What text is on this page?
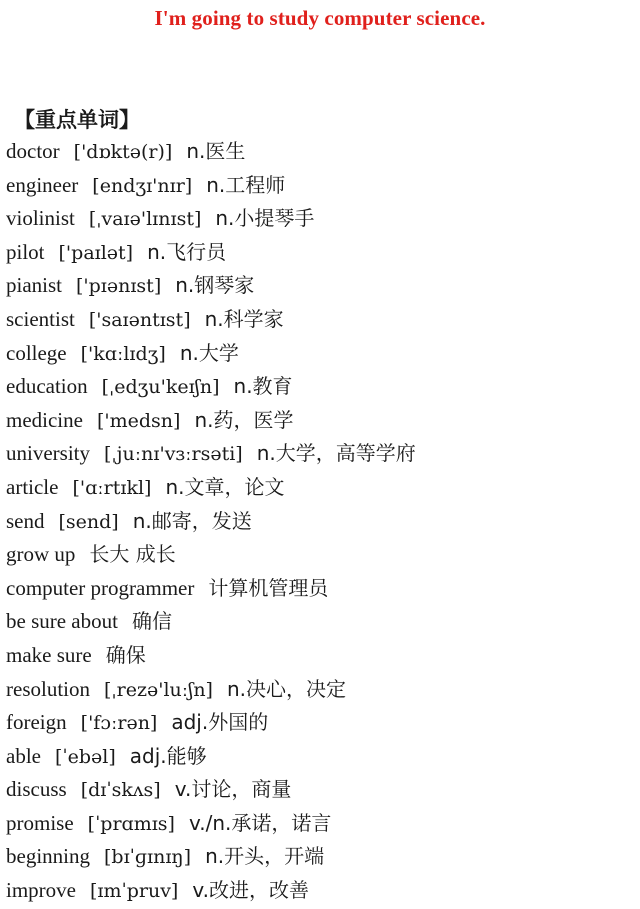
I'm going to study computer science.
【重点单词】
doctor ['dɒktə(r)] n.医生
engineer [endʒɪ'nɪr] n.工程师
violinist [ˌvaɪə'lɪnɪst] n.小提琴手
pilot ['paɪlət] n.飞行员
pianist ['pɪənɪst] n.钢琴家
scientist ['saɪəntɪst] n.科学家
college ['kɑːlɪdʒ] n.大学
education [ˌedʒu'keɪʃn] n.教育
medicine ['medsn] n.药，医学
university [ˌjuːnɪ'vɜːrsəti] n.大学，高等学府
article ['ɑːrtɪkl] n.文章，论文
send [send] n.邮寄，发送
grow up 长大 成长
computer programmer 计算机管理员
be sure about 确信
make sure 确保
resolution [ˌrezə'luːʃn] n.决心，决定
foreign ['fɔːrən] adj.外国的
able [ˈebəl] adj.能够
discuss [dɪˈskʌs] v.讨论，商量
promise [ˈprɑmɪs] v./n.承诺，诺言
beginning [bɪˈɡɪnɪŋ] n.开头，开端
improve [ɪmˈpruv] v.改进，改善
